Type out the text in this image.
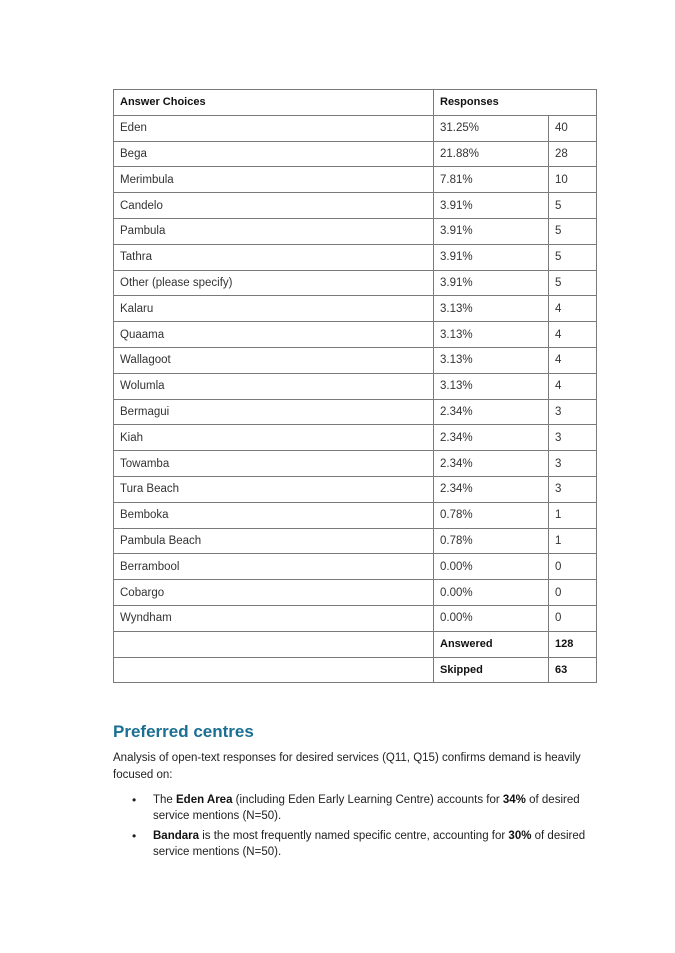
Answer Choices	Responses	
Eden	31.25%	40
Bega	21.88%	28
Merimbula	7.81%	10
Candelo	3.91%	5
Pambula	3.91%	5
Tathra	3.91%	5
Other (please specify)	3.91%	5
Kalaru	3.13%	4
Quaama	3.13%	4
Wallagoot	3.13%	4
Wolumla	3.13%	4
Bermagui	2.34%	3
Kiah	2.34%	3
Towamba	2.34%	3
Tura Beach	2.34%	3
Bemboka	0.78%	1
Pambula Beach	0.78%	1
Berrambool	0.00%	0
Cobargo	0.00%	0
Wyndham	0.00%	0
	Answered	128
	Skipped	63
Preferred centres

Analysis of open-text responses for desired services (Q11, Q15) confirms demand is heavily focused on:

• The Eden Area (including Eden Early Learning Centre) accounts for 34% of desired service mentions (N=50).
• Bandara is the most frequently named specific centre, accounting for 30% of desired service mentions (N=50).
